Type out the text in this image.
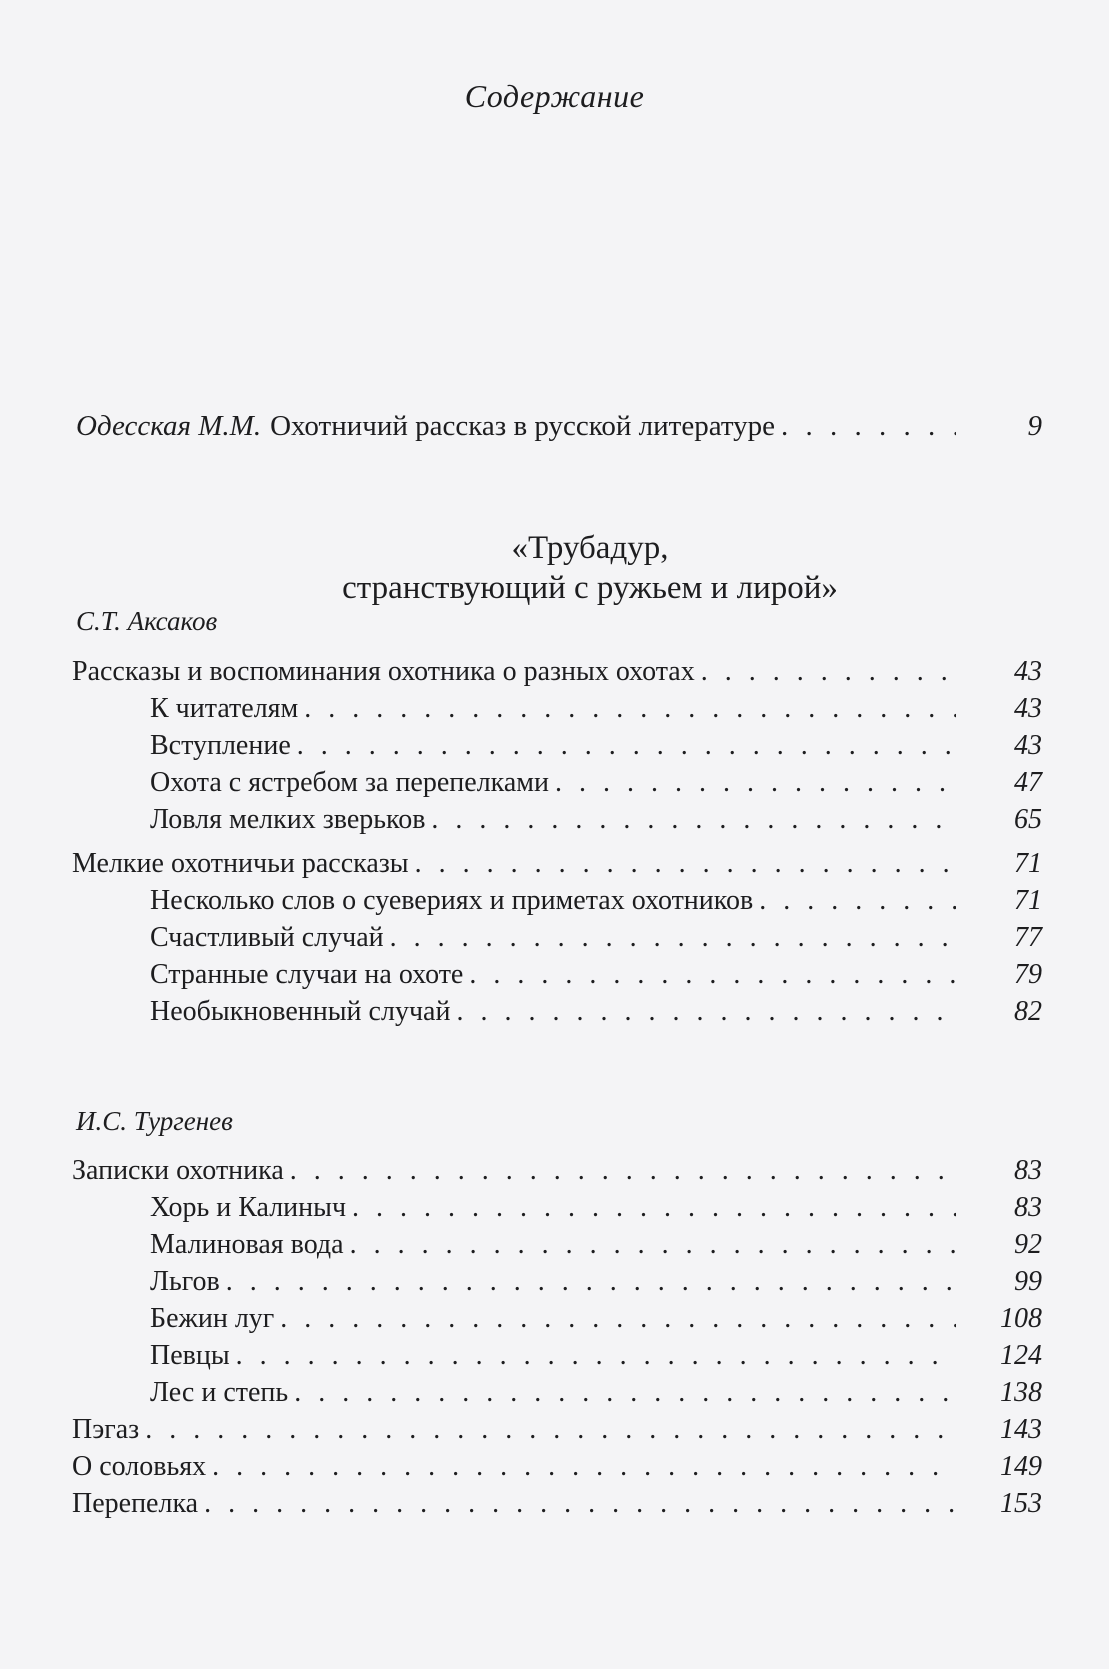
Содержание
Одесская М.М. Охотничий рассказ в русской литературе . . .	9
«Трубадур,
странствующий с ружьем и лирой»
С.Т. Аксаков
Рассказы и воспоминания охотника о разных охотах . . .	43
К читателям . . .	43
Вступление . . .	43
Охота с ястребом за перепелками . . .	47
Ловля мелких зверьков . . .	65
Мелкие охотничьи рассказы . . .	71
Несколько слов о суевериях и приметах охотников . . .	71
Счастливый случай . . .	77
Странные случаи на охоте . . .	79
Необыкновенный случай . . .	82
И.С. Тургенев
Записки охотника . . .	83
Хорь и Калиныч . . .	83
Малиновая вода . . .	92
Льгов . . .	99
Бежин луг . . .	108
Певцы . . .	124
Лес и степь . . .	138
Пэгаз . . .	143
О соловьях . . .	149
Перепелка . . .	153
